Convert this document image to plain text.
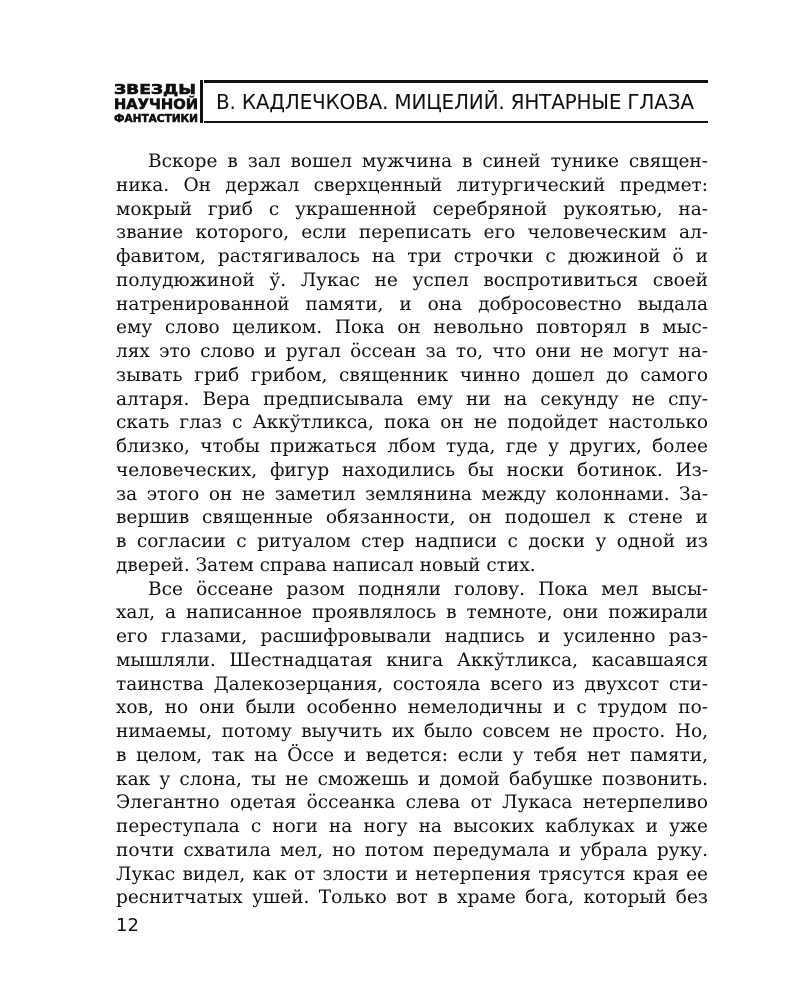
ЗВЕЗДЫ
НАУЧНОЙ
ФАНТАСТИКИ
В. КАДЛЕЧКОВА. МИЦЕЛИЙ. ЯНТАРНЫЕ ГЛАЗА
Вскоре в зал вошел мужчина в синей тунике священ-
ника. Он держал сверхценный литургический предмет:
мокрый гриб с украшенной серебряной рукоятью, на-
звание которого, если переписать его человеческим ал-
фавитом, растягивалось на три строчки с дюжиной ö и
полудюжиной ў. Лукас не успел воспротивиться своей
натренированной памяти, и она добросовестно выдала
ему слово целиком. Пока он невольно повторял в мыс-
лях это слово и ругал öссеан за то, что они не могут на-
зывать гриб грибом, священник чинно дошел до самого
алтаря. Вера предписывала ему ни на секунду не спу-
скать глаз с Аккўтликса, пока он не подойдет настолько
близко, чтобы прижаться лбом туда, где у других, более
человеческих, фигур находились бы носки ботинок. Из-
за этого он не заметил землянина между колоннами. За-
вершив священные обязанности, он подошел к стене и
в согласии с ритуалом стер надписи с доски у одной из
дверей. Затем справа написал новый стих.
Все öссеане разом подняли голову. Пока мел высы-
хал, а написанное проявлялось в темноте, они пожирали
его глазами, расшифровывали надпись и усиленно раз-
мышляли. Шестнадцатая книга Аккўтликса, касавшаяся
таинства Далекозерцания, состояла всего из двухсот сти-
хов, но они были особенно немелодичны и с трудом по-
нимаемы, потому выучить их было совсем не просто. Но,
в целом, так на Öссе и ведется: если у тебя нет памяти,
как у слона, ты не сможешь и домой бабушке позвонить.
Элегантно одетая öссеанка слева от Лукаса нетерпеливо
переступала с ноги на ногу на высоких каблуках и уже
почти схватила мел, но потом передумала и убрала руку.
Лукас видел, как от злости и нетерпения трясутся края ее
реснитчатых ушей. Только вот в храме бога, который без
12
